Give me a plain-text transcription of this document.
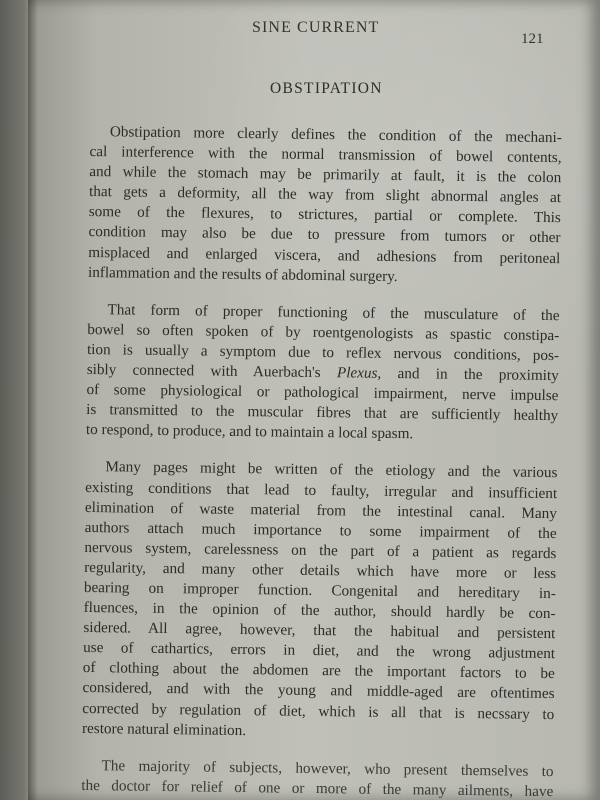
SINE CURRENT
121
OBSTIPATION
Obstipation more clearly defines the condition of the mechani-
cal interference with the normal transmission of bowel contents,
and while the stomach may be primarily at fault, it is the colon
that gets a deformity, all the way from slight abnormal angles at
some of the flexures, to strictures, partial or complete. This
condition may also be due to pressure from tumors or other
misplaced and enlarged viscera, and adhesions from peritoneal
inflammation and the results of abdominal surgery.
That form of proper functioning of the musculature of the
bowel so often spoken of by roentgenologists as spastic constipa-
tion is usually a symptom due to reflex nervous conditions, pos-
sibly connected with Auerbach's Plexus, and in the proximity
of some physiological or pathological impairment, nerve impulse
is transmitted to the muscular fibres that are sufficiently healthy
to respond, to produce, and to maintain a local spasm.
Many pages might be written of the etiology and the various
existing conditions that lead to faulty, irregular and insufficient
elimination of waste material from the intestinal canal. Many
authors attach much importance to some impairment of the
nervous system, carelessness on the part of a patient as regards
regularity, and many other details which have more or less
bearing on improper function. Congenital and hereditary in-
fluences, in the opinion of the author, should hardly be con-
sidered. All agree, however, that the habitual and persistent
use of cathartics, errors in diet, and the wrong adjustment
of clothing about the abdomen are the important factors to be
considered, and with the young and middle-aged are oftentimes
corrected by regulation of diet, which is all that is necssary to
restore natural elimination.
The majority of subjects, however, who present themselves to
the doctor for relief of one or more of the many ailments, have
